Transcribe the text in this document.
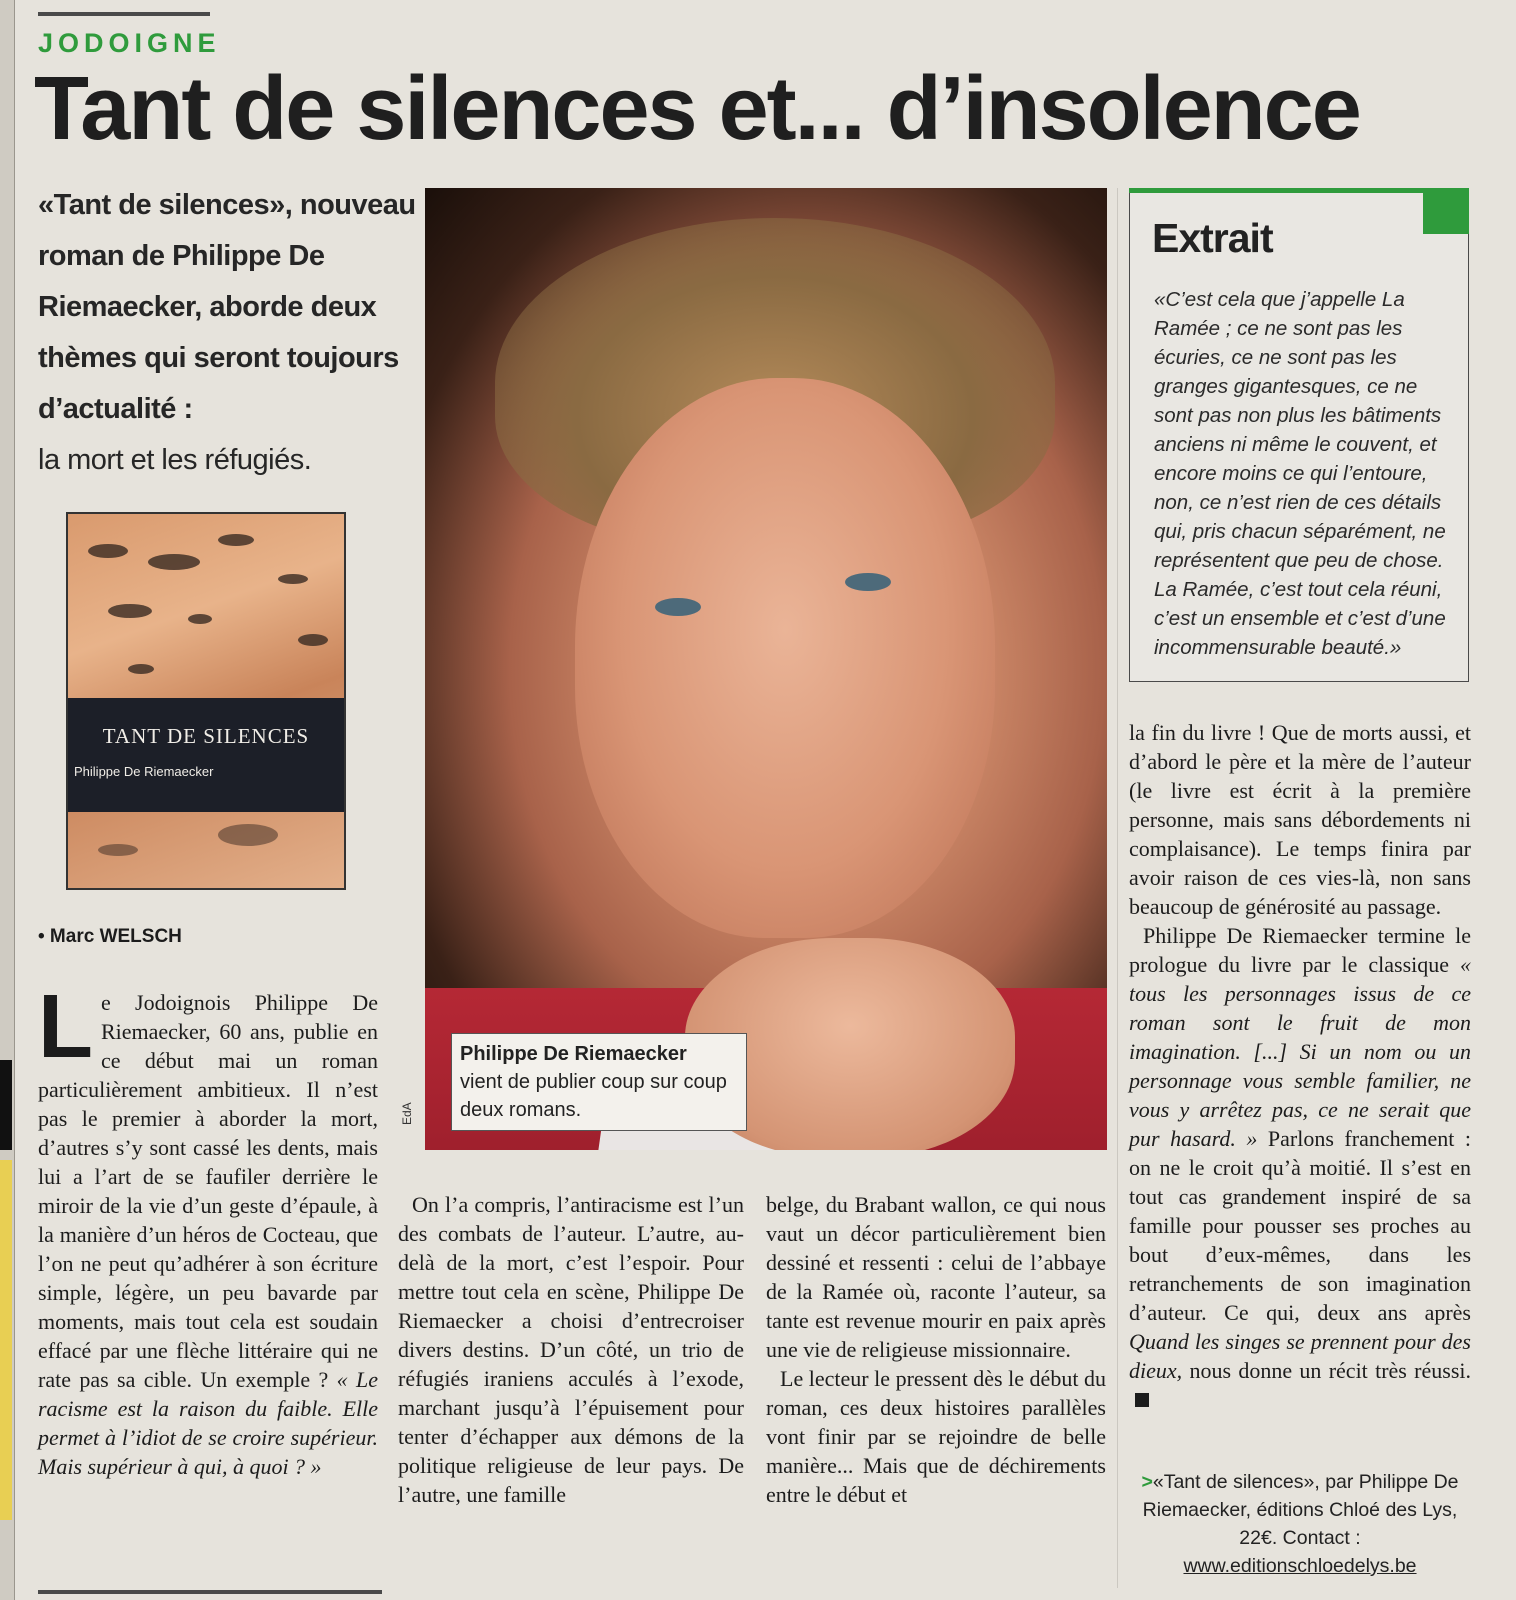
JODOIGNE
Tant de silences et... d’insolence

«Tant de silences», nouveau roman de Philippe De Riemaecker, aborde deux thèmes qui seront toujours d’actualité :

la mort et les réfugiés.

TANT DE SILENCES
Philippe De Riemaecker
• Marc WELSCH
EdA
Philippe De Riemaecker
vient de publier coup sur coup deux romans.
Extrait
«C’est cela que j’appelle La Ramée ; ce ne sont pas les écuries, ce ne sont pas les granges gigantesques, ce ne sont pas non plus les bâtiments anciens ni même le couvent, et encore moins ce qui l’entoure, non, ce n’est rien de ces détails qui, pris chacun séparément, ne représentent que peu de chose. La Ramée, c’est tout cela réuni, c’est un ensemble et c’est d’une incommensurable beauté.»

Le Jodoignois Philippe De Riemaecker, 60 ans, publie en ce début mai un roman particulièrement ambitieux. Il n’est pas le premier à aborder la mort, d’autres s’y sont cassé les dents, mais lui a l’art de se faufiler derrière le miroir de la vie d’un geste d’épaule, à la manière d’un héros de Cocteau, que l’on ne peut qu’adhérer à son écriture simple, légère, un peu bavarde par moments, mais tout cela est soudain effacé par une flèche littéraire qui ne rate pas sa cible. Un exemple ? « Le racisme est la raison du faible. Elle permet à l’idiot de se croire supérieur. Mais supérieur à qui, à quoi ? »

On l’a compris, l’antiracisme est l’un des combats de l’auteur. L’autre, au-delà de la mort, c’est l’espoir. Pour mettre tout cela en scène, Philippe De Riemaecker a choisi d’entrecroiser divers destins. D’un côté, un trio de réfugiés iraniens acculés à l’exode, marchant jusqu’à l’épuisement pour tenter d’échapper aux démons de la politique religieuse de leur pays. De l’autre, une famille

belge, du Brabant wallon, ce qui nous vaut un décor particulièrement bien dessiné et ressenti : celui de l’abbaye de la Ramée où, raconte l’auteur, sa tante est revenue mourir en paix après une vie de religieuse missionnaire.

Le lecteur le pressent dès le début du roman, ces deux histoires parallèles vont finir par se rejoindre de belle manière... Mais que de déchirements entre le début et

la fin du livre ! Que de morts aussi, et d’abord le père et la mère de l’auteur (le livre est écrit à la première personne, mais sans débordements ni complaisance). Le temps finira par avoir raison de ces vies-là, non sans beaucoup de générosité au passage.

Philippe De Riemaecker termine le prologue du livre par le classique « tous les personnages issus de ce roman sont le fruit de mon imagination. [...] Si un nom ou un personnage vous semble familier, ne vous y arrêtez pas, ce ne serait que pur hasard. » Parlons franchement : on ne le croit qu’à moitié. Il s’est en tout cas grandement inspiré de sa famille pour pousser ses proches au bout d’eux-mêmes, dans les retranchements de son imagination d’auteur. Ce qui, deux ans après Quand les singes se prennent pour des dieux, nous donne un récit très réussi.

>«Tant de silences», par Philippe De Riemaecker, éditions Chloé des Lys, 22€. Contact : www.editionschloedelys.be
